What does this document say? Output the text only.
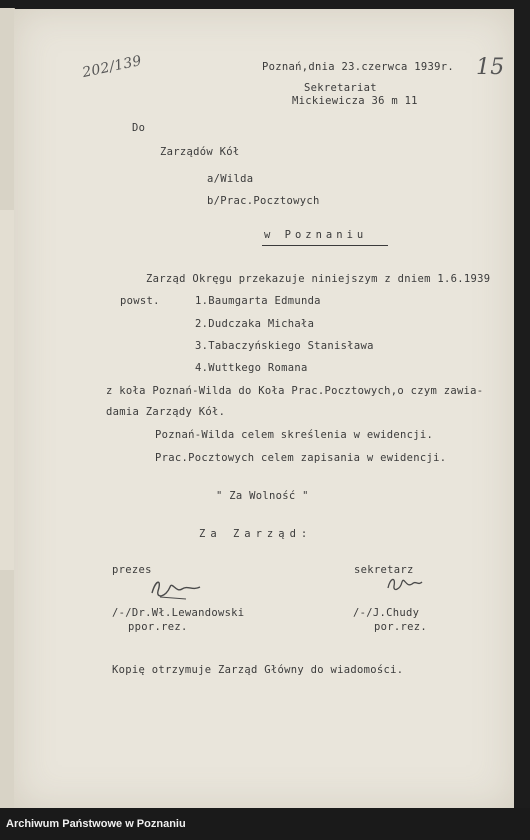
202/139	Poznań,dnia 23.czerwca 1939r. 15
Sekretariat
Mickiewicza 36 m 11
Do
Zarządów Kół
a/Wilda
b/Prac.Pocztowych
w Poznaniu
Zarząd Okręgu przekazuje niniejszym z dniem 1.6.1939
powst.	1.Baumgarta Edmunda
2.Dudczaka Michała
3.Tabaczyńskiego Stanisława
4.Wuttkego Romana
z koła Poznań-Wilda do Koła Prac.Pocztowych,o czym zawia-
damia Zarządy Kół.
Poznań-Wilda celem skreślenia w ewidencji.
Prac.Pocztowych celem zapisania w ewidencji.
" Za Wolność "
Za Zarząd:
prezes
/-/Dr.Wł.Lewandowski
ppor.rez.
sekretarz
/-/J.Chudy
por.rez.
Kopię otrzymuje Zarząd Główny do wiadomości.
Archiwum Państwowe w Poznaniu
